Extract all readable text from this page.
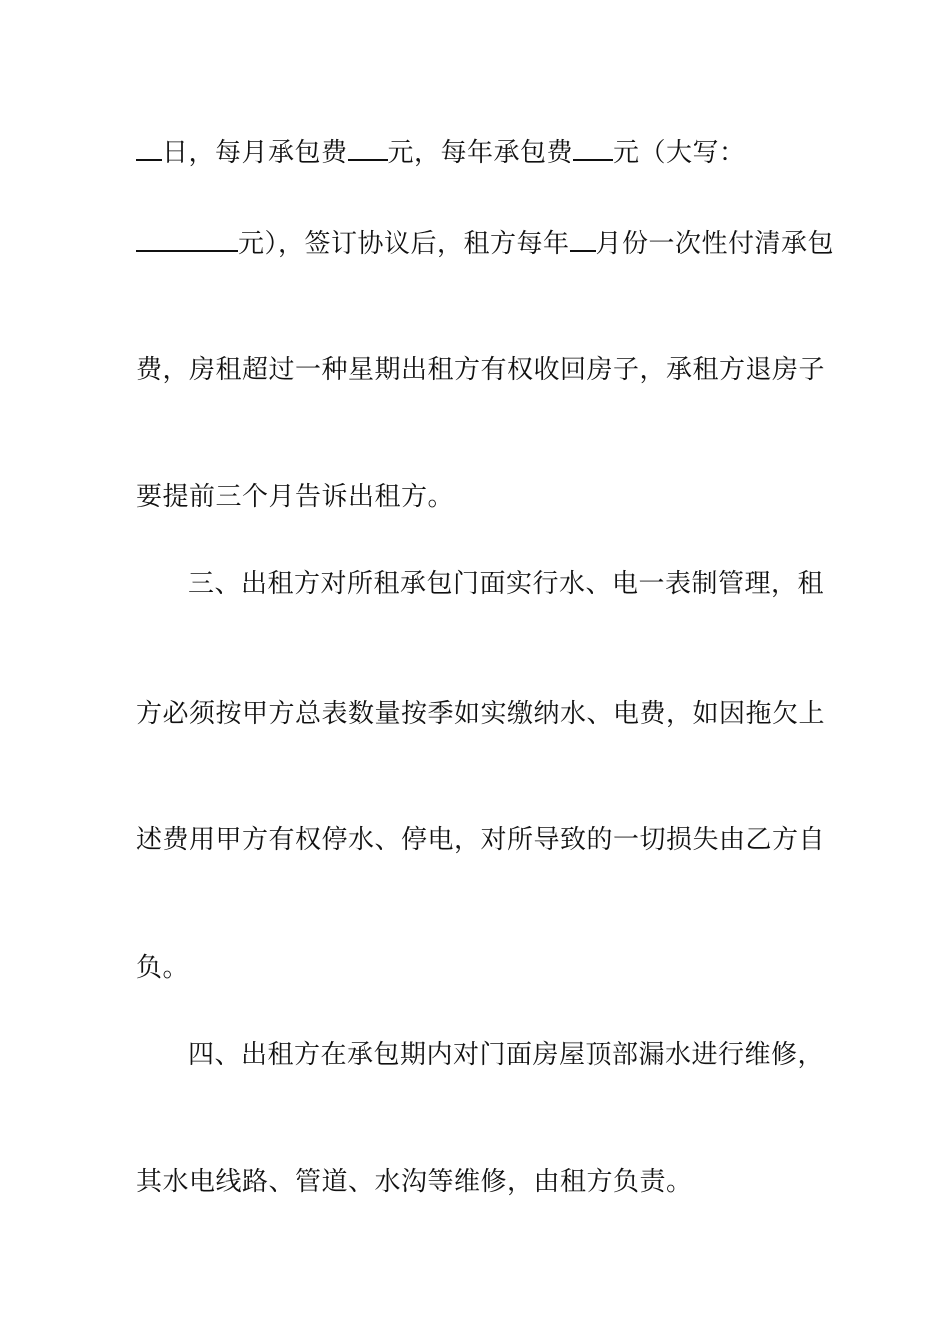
日，每月承包费 元，每年承包费 元（大写：
元），签订协议后，租方每年 月份一次性付清承包
费，房租超过一种星期出租方有权收回房子，承租方退房子
要提前三个月告诉出租方。
三、出租方对所租承包门面实行水、电一表制管理，租
方必须按甲方总表数量按季如实缴纳水、电费，如因拖欠上
述费用甲方有权停水、停电，对所导致的一切损失由乙方自
负。
四、出租方在承包期内对门面房屋顶部漏水进行维修，
其水电线路、管道、水沟等维修，由租方负责。
